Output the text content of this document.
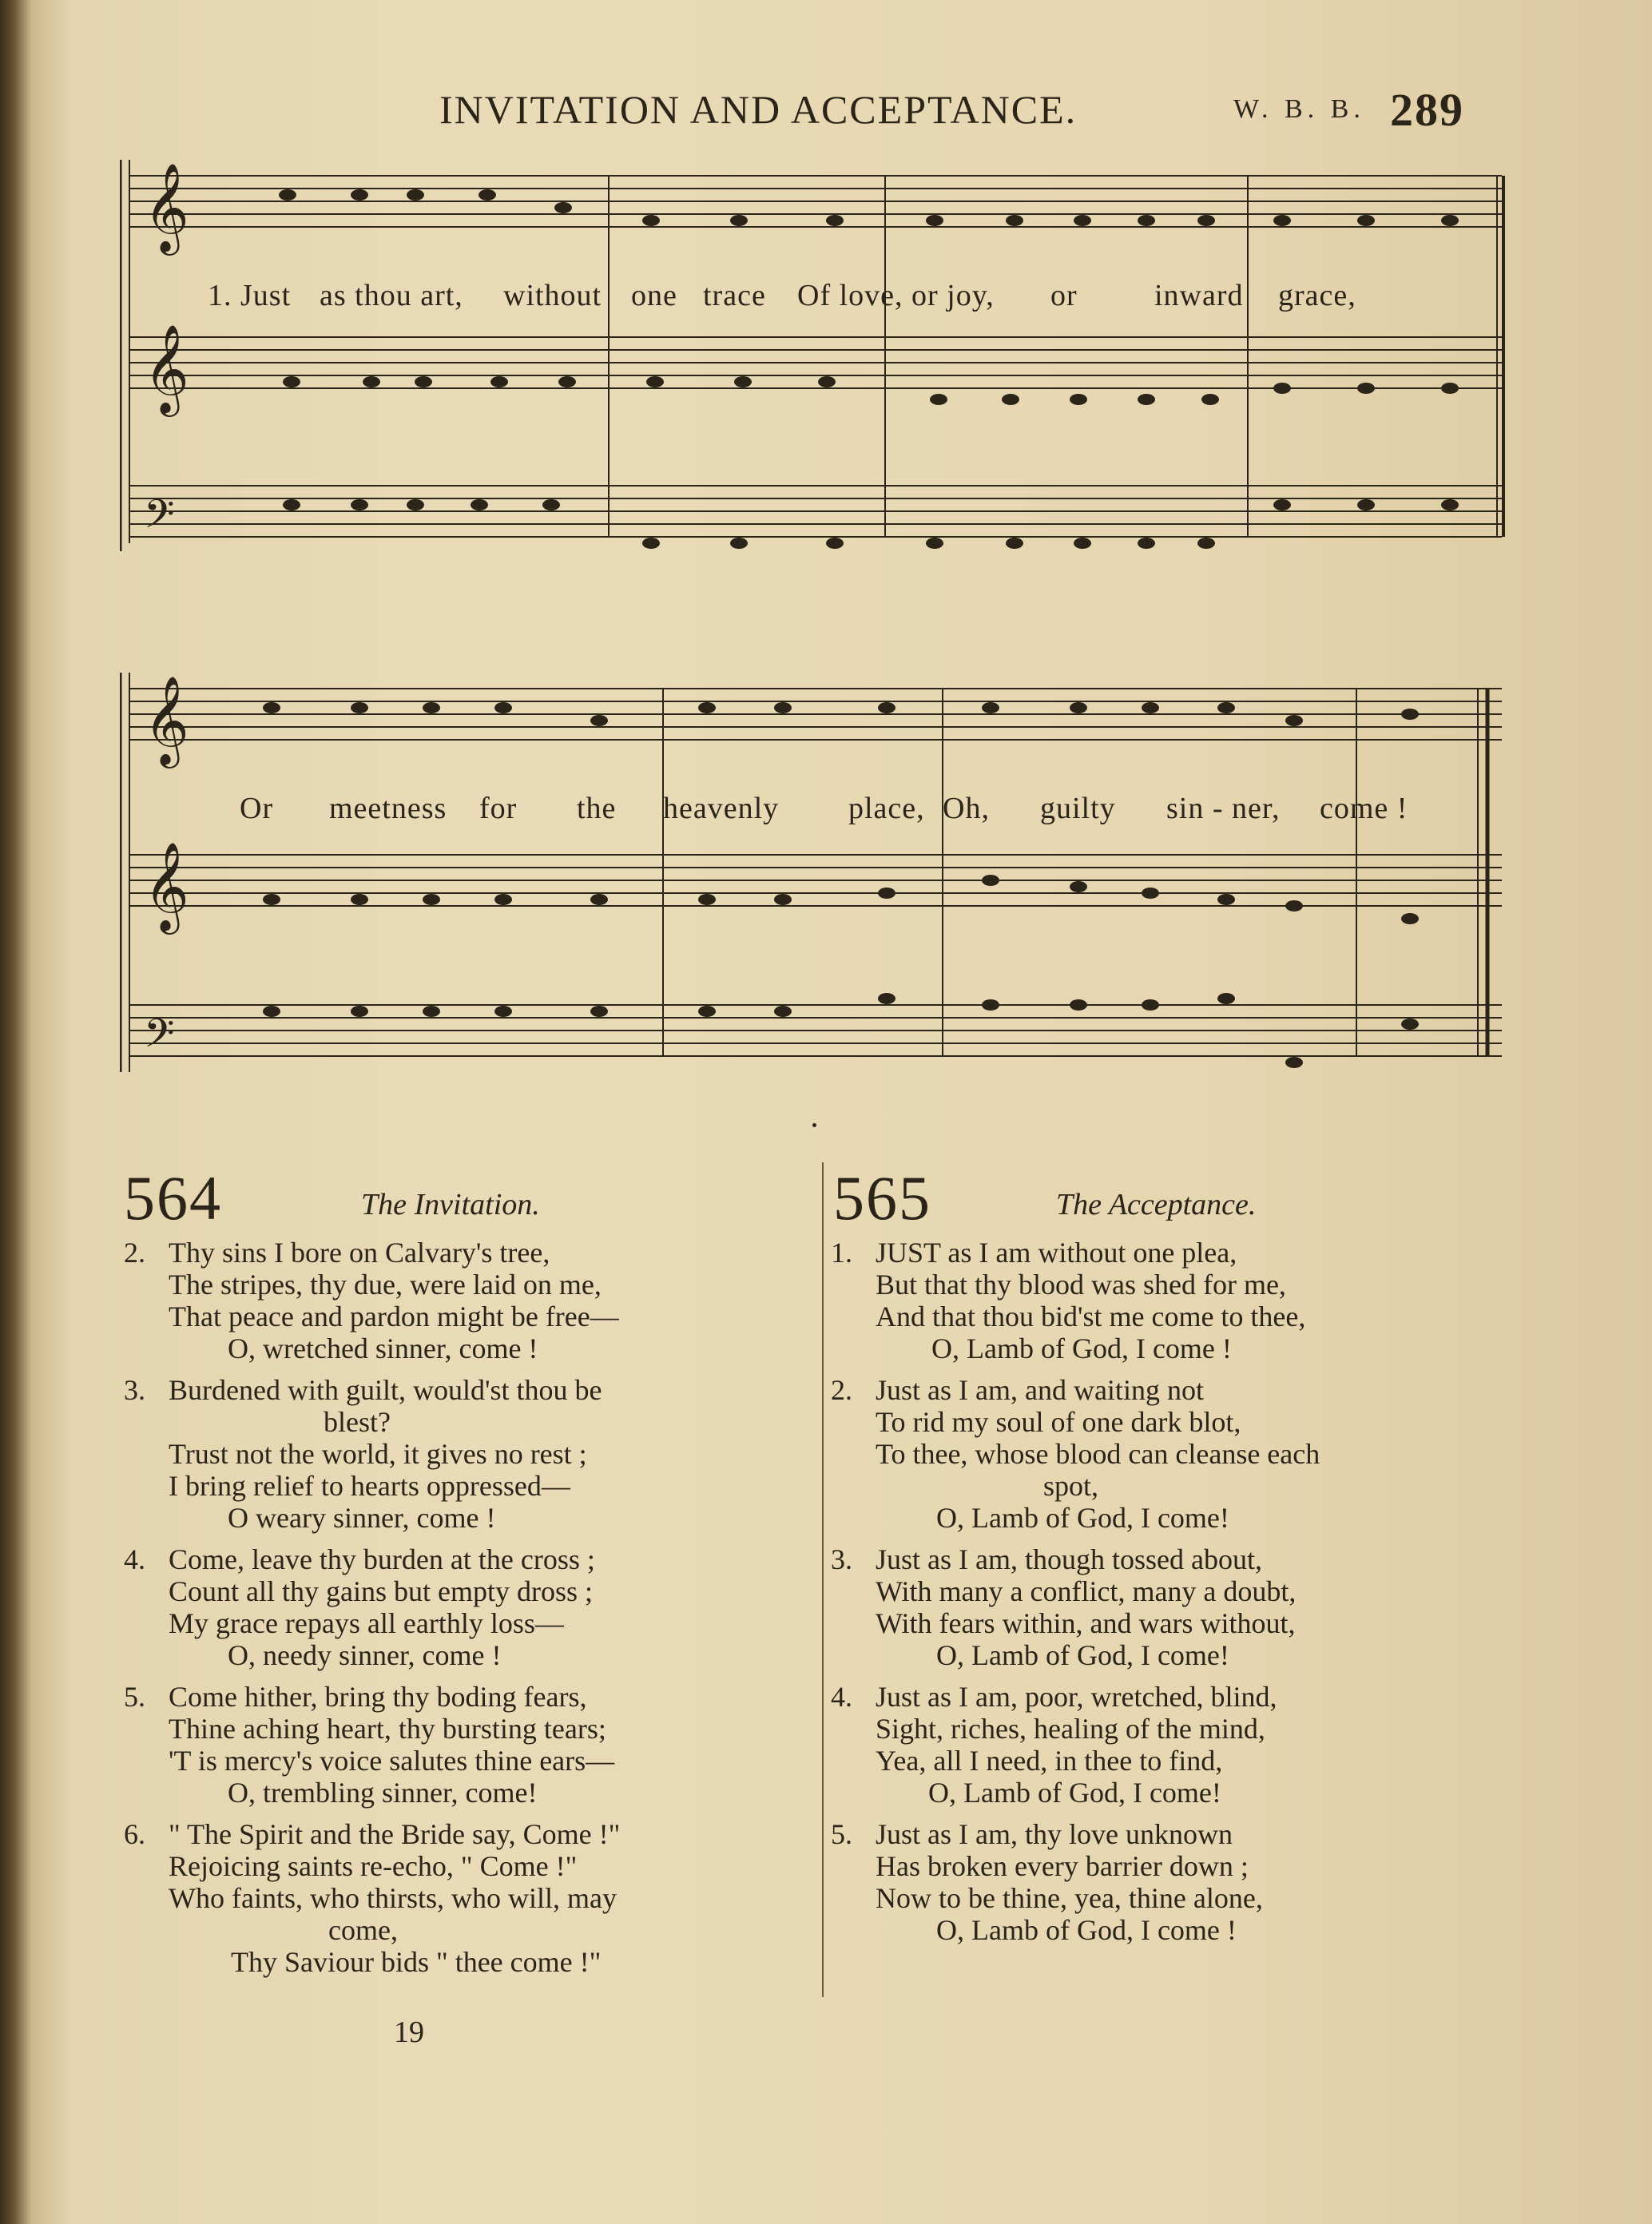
INVITATION AND ACCEPTANCE.	W. B. B. 289
𝄞
𝄞
𝄢
1. Just as thou art, without one trace Of love, or joy, or	inward grace,
𝄞
𝄞
𝄢
Or meetness for the heavenly place, Oh, guilty sin - ner, come !
564	The Invitation.
2. Thy sins I bore on Calvary's tree,
The stripes, thy due, were laid on me,
That peace and pardon might be free—
O, wretched sinner, come !
3. Burdened with guilt, would'st thou be
blest?
Trust not the world, it gives no rest ;
I bring relief to hearts oppressed—
O weary sinner, come !
4. Come, leave thy burden at the cross ;
Count all thy gains but empty dross ;
My grace repays all earthly loss—
O, needy sinner, come !
5. Come hither, bring thy boding fears,
Thine aching heart, thy bursting tears;
'T is mercy's voice salutes thine ears—
O, trembling sinner, come!
6. " The Spirit and the Bride say, Come !"
Rejoicing saints re-echo, " Come !"
Who faints, who thirsts, who will, may
come,
Thy Saviour bids " thee come !"
19
565	The Acceptance.
1. JUST as I am without one plea,
But that thy blood was shed for me,
And that thou bid'st me come to thee,
O, Lamb of God, I come !
2. Just as I am, and waiting not
To rid my soul of one dark blot,
To thee, whose blood can cleanse each
spot,
O, Lamb of God, I come!
3. Just as I am, though tossed about,
With many a conflict, many a doubt,
With fears within, and wars without,
O, Lamb of God, I come!
4. Just as I am, poor, wretched, blind,
Sight, riches, healing of the mind,
Yea, all I need, in thee to find,
O, Lamb of God, I come!
5. Just as I am, thy love unknown
Has broken every barrier down ;
Now to be thine, yea, thine alone,
O, Lamb of God, I come !
